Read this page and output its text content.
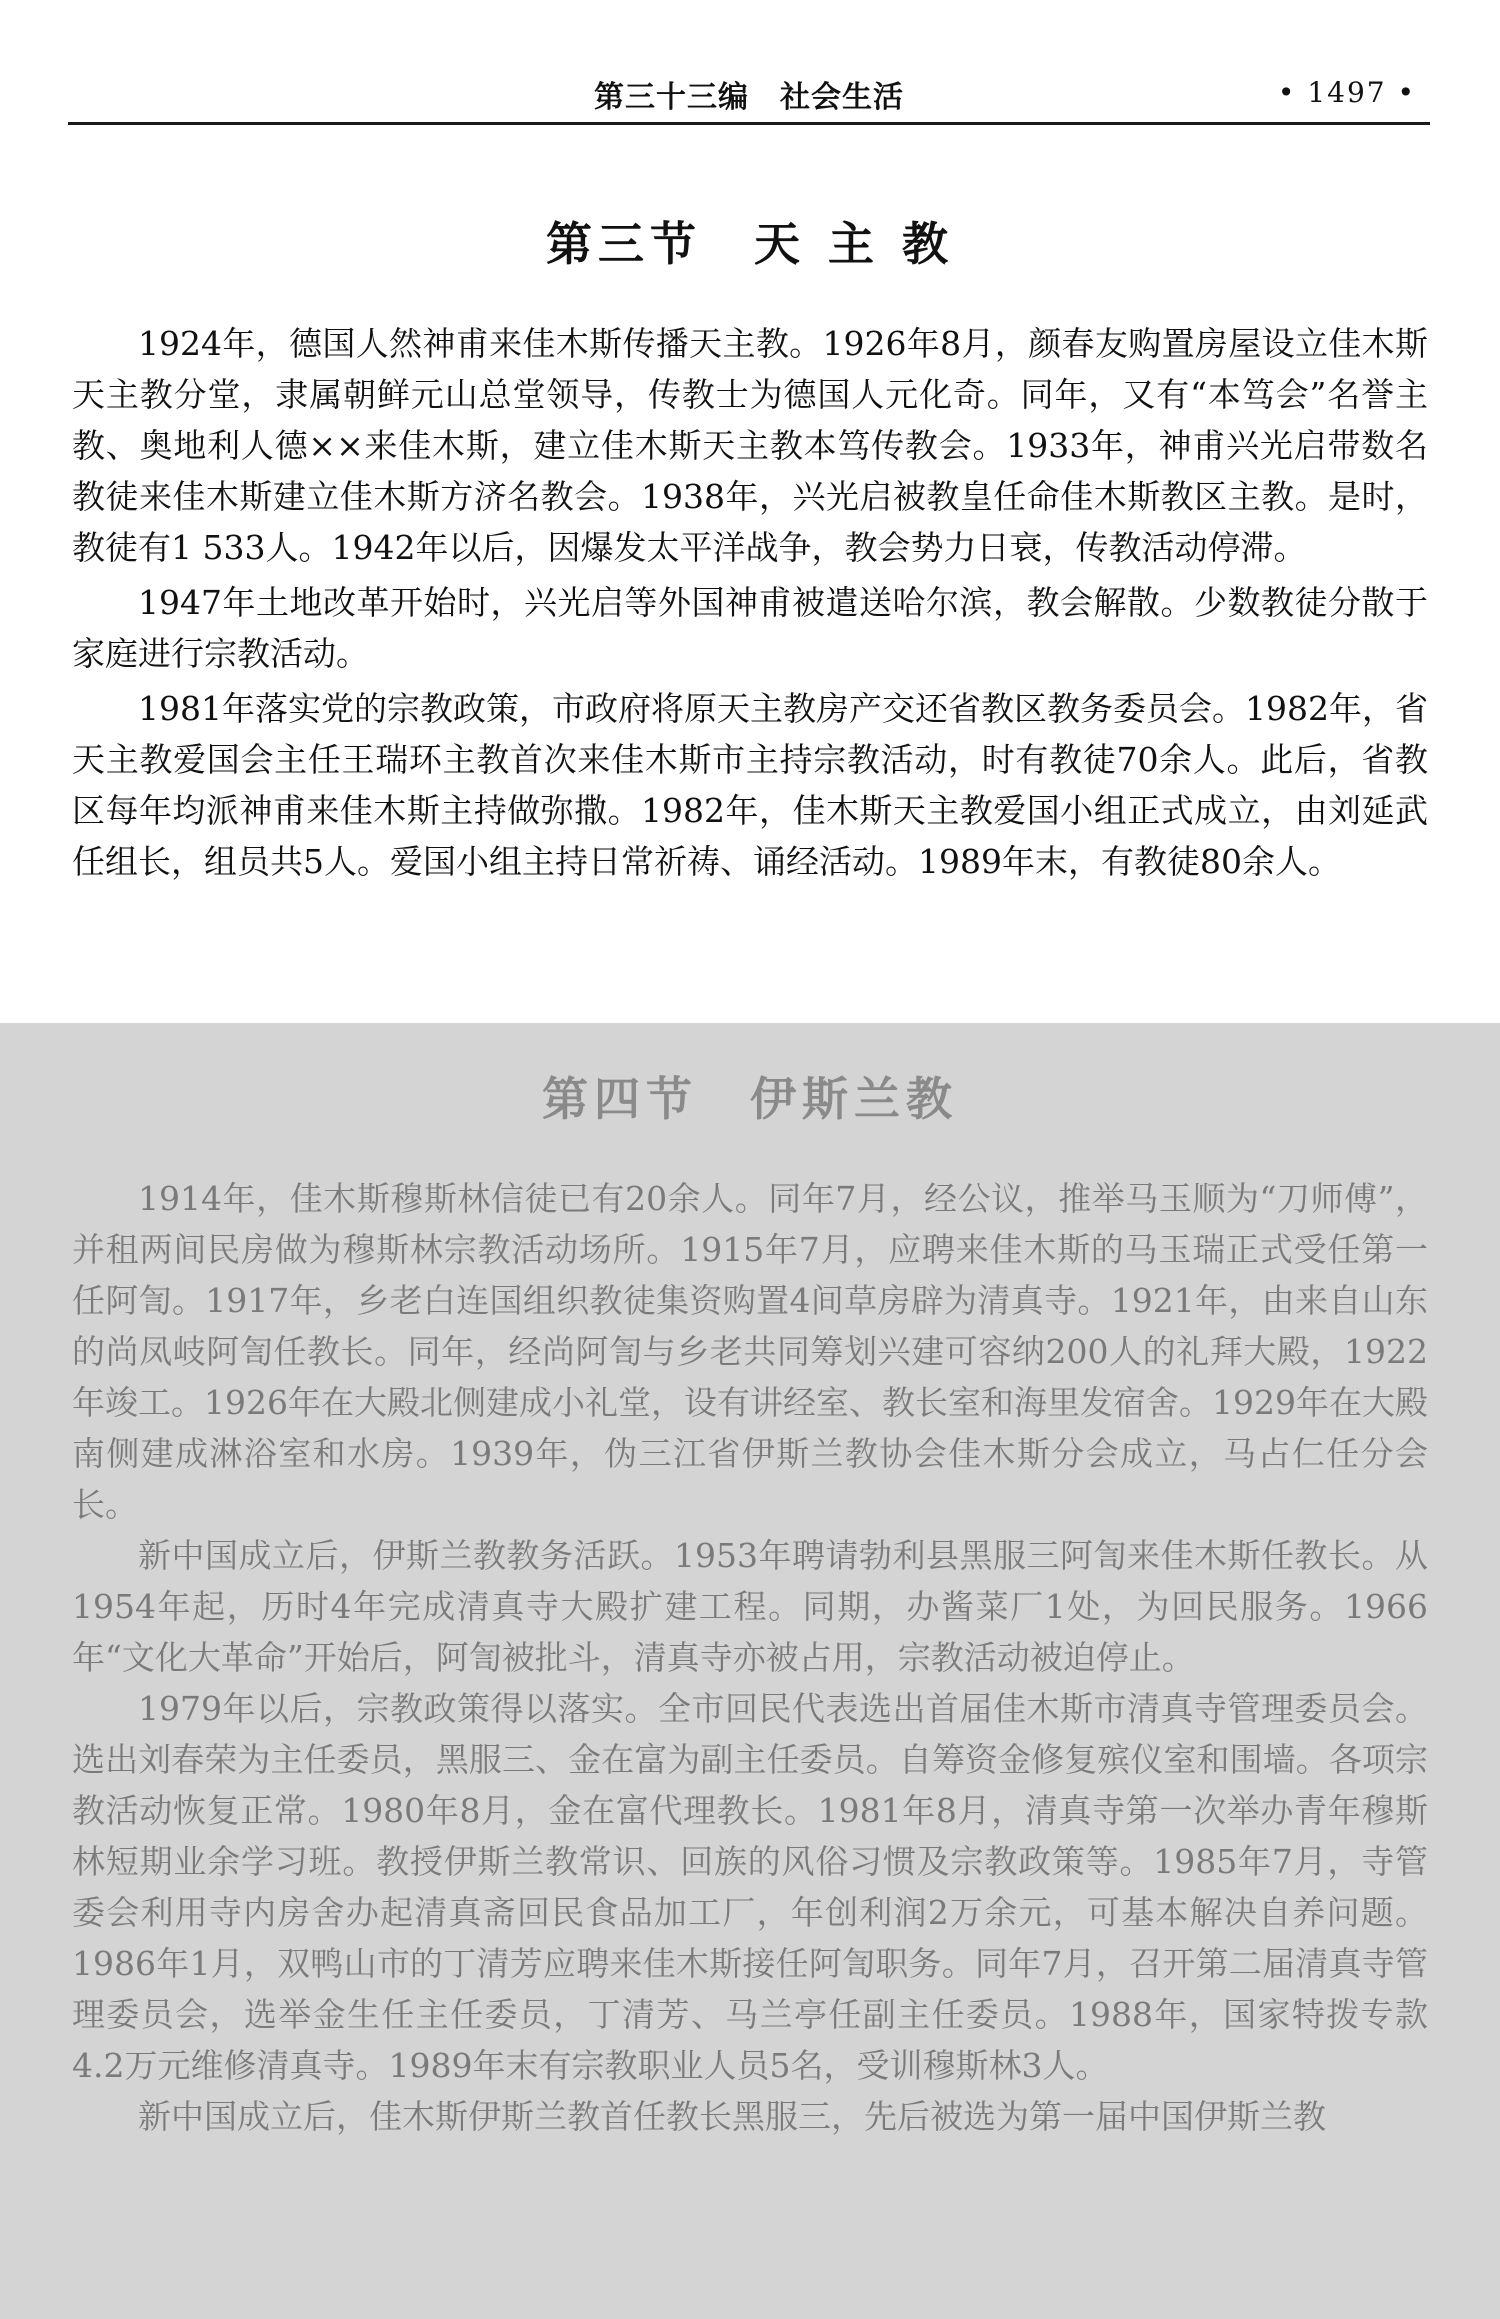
第三十三编　社会生活	• 1497 •
第三节　天 主 教

1924年，德国人然神甫来佳木斯传播天主教。1926年8月，颜春友购置房屋设立佳木斯天主教分堂，隶属朝鲜元山总堂领导，传教士为德国人元化奇。同年，又有“本笃会”名誉主教、奥地利人德××来佳木斯，建立佳木斯天主教本笃传教会。1933年，神甫兴光启带数名教徒来佳木斯建立佳木斯方济名教会。1938年，兴光启被教皇任命佳木斯教区主教。是时，教徒有1 533人。1942年以后，因爆发太平洋战争，教会势力日衰，传教活动停滞。

1947年土地改革开始时，兴光启等外国神甫被遣送哈尔滨，教会解散。少数教徒分散于家庭进行宗教活动。

1981年落实党的宗教政策，市政府将原天主教房产交还省教区教务委员会。1982年，省天主教爱国会主任王瑞环主教首次来佳木斯市主持宗教活动，时有教徒70余人。此后，省教区每年均派神甫来佳木斯主持做弥撒。1982年，佳木斯天主教爱国小组正式成立，由刘延武任组长，组员共5人。爱国小组主持日常祈祷、诵经活动。1989年末，有教徒80余人。

第四节　伊斯兰教

1914年，佳木斯穆斯林信徒已有20余人。同年7月，经公议，推举马玉顺为“刀师傅”，并租两间民房做为穆斯林宗教活动场所。1915年7月，应聘来佳木斯的马玉瑞正式受任第一任阿訇。1917年，乡老白连国组织教徒集资购置4间草房辟为清真寺。1921年，由来自山东的尚凤岐阿訇任教长。同年，经尚阿訇与乡老共同筹划兴建可容纳200人的礼拜大殿，1922年竣工。1926年在大殿北侧建成小礼堂，设有讲经室、教长室和海里发宿舍。1929年在大殿南侧建成淋浴室和水房。1939年，伪三江省伊斯兰教协会佳木斯分会成立，马占仁任分会长。

新中国成立后，伊斯兰教教务活跃。1953年聘请勃利县黑服三阿訇来佳木斯任教长。从1954年起，历时4年完成清真寺大殿扩建工程。同期，办酱菜厂1处，为回民服务。1966年“文化大革命”开始后，阿訇被批斗，清真寺亦被占用，宗教活动被迫停止。

1979年以后，宗教政策得以落实。全市回民代表选出首届佳木斯市清真寺管理委员会。选出刘春荣为主任委员，黑服三、金在富为副主任委员。自筹资金修复殡仪室和围墙。各项宗教活动恢复正常。1980年8月，金在富代理教长。1981年8月，清真寺第一次举办青年穆斯林短期业余学习班。教授伊斯兰教常识、回族的风俗习惯及宗教政策等。1985年7月，寺管委会利用寺内房舍办起清真斋回民食品加工厂，年创利润2万余元，可基本解决自养问题。1986年1月，双鸭山市的丁清芳应聘来佳木斯接任阿訇职务。同年7月，召开第二届清真寺管理委员会，选举金生任主任委员，丁清芳、马兰亭任副主任委员。1988年，国家特拨专款4.2万元维修清真寺。1989年末有宗教职业人员5名，受训穆斯林3人。

新中国成立后，佳木斯伊斯兰教首任教长黑服三，先后被选为第一届中国伊斯兰教
